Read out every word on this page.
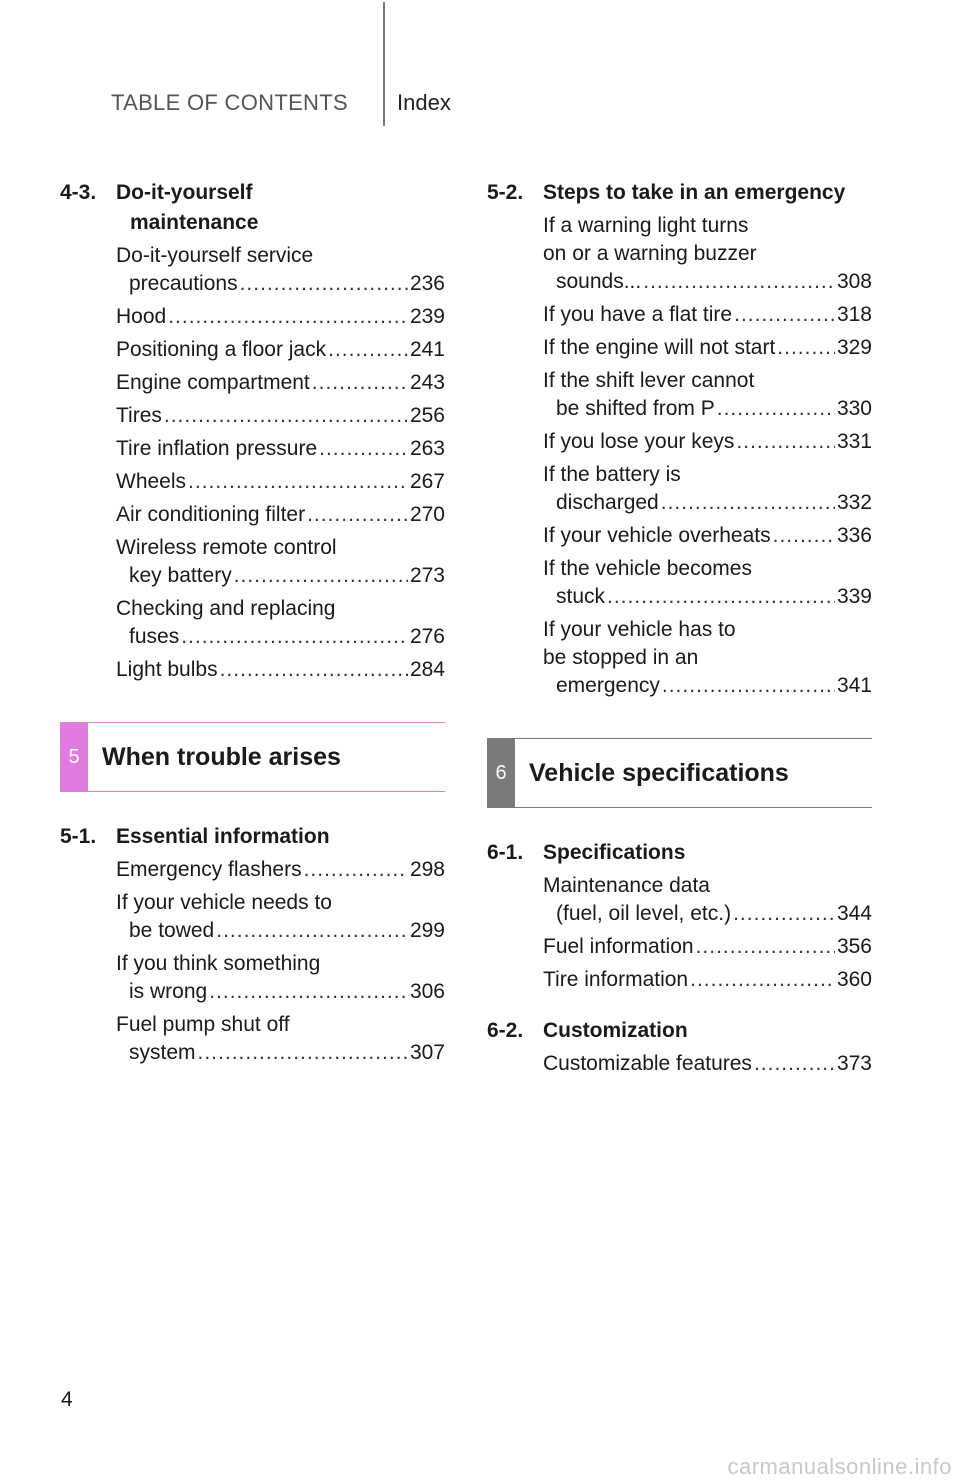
TABLE OF CONTENTS Index
4-3. Do-it-yourself
maintenance
Do-it-yourself service
precautions .....	236
Hood .....	239
Positioning a floor jack .....	241
Engine compartment .....	243
Tires .....	256
Tire inflation pressure .....	263
Wheels .....	267
Air conditioning filter .....	270
Wireless remote control
key battery .....	273
Checking and replacing
fuses .....	276
Light bulbs .....	284
5 When trouble arises
5-1. Essential information
Emergency flashers .....	298
If your vehicle needs to
be towed .....	299
If you think something
is wrong .....	306
Fuel pump shut off
system .....	307
5-2. Steps to take in an emergency
If a warning light turns
on or a warning buzzer
sounds... .....	308
If you have a flat tire .....	318
If the engine will not start .....	329
If the shift lever cannot
be shifted from P .....	330
If you lose your keys .....	331
If the battery is
discharged .....	332
If your vehicle overheats .....	336
If the vehicle becomes
stuck .....	339
If your vehicle has to
be stopped in an
emergency .....	341
6 Vehicle specifications
6-1. Specifications
Maintenance data
(fuel, oil level, etc.) .....	344
Fuel information .....	356
Tire information .....	360
6-2. Customization
Customizable features .....	373
4
carmanualsonline.info
